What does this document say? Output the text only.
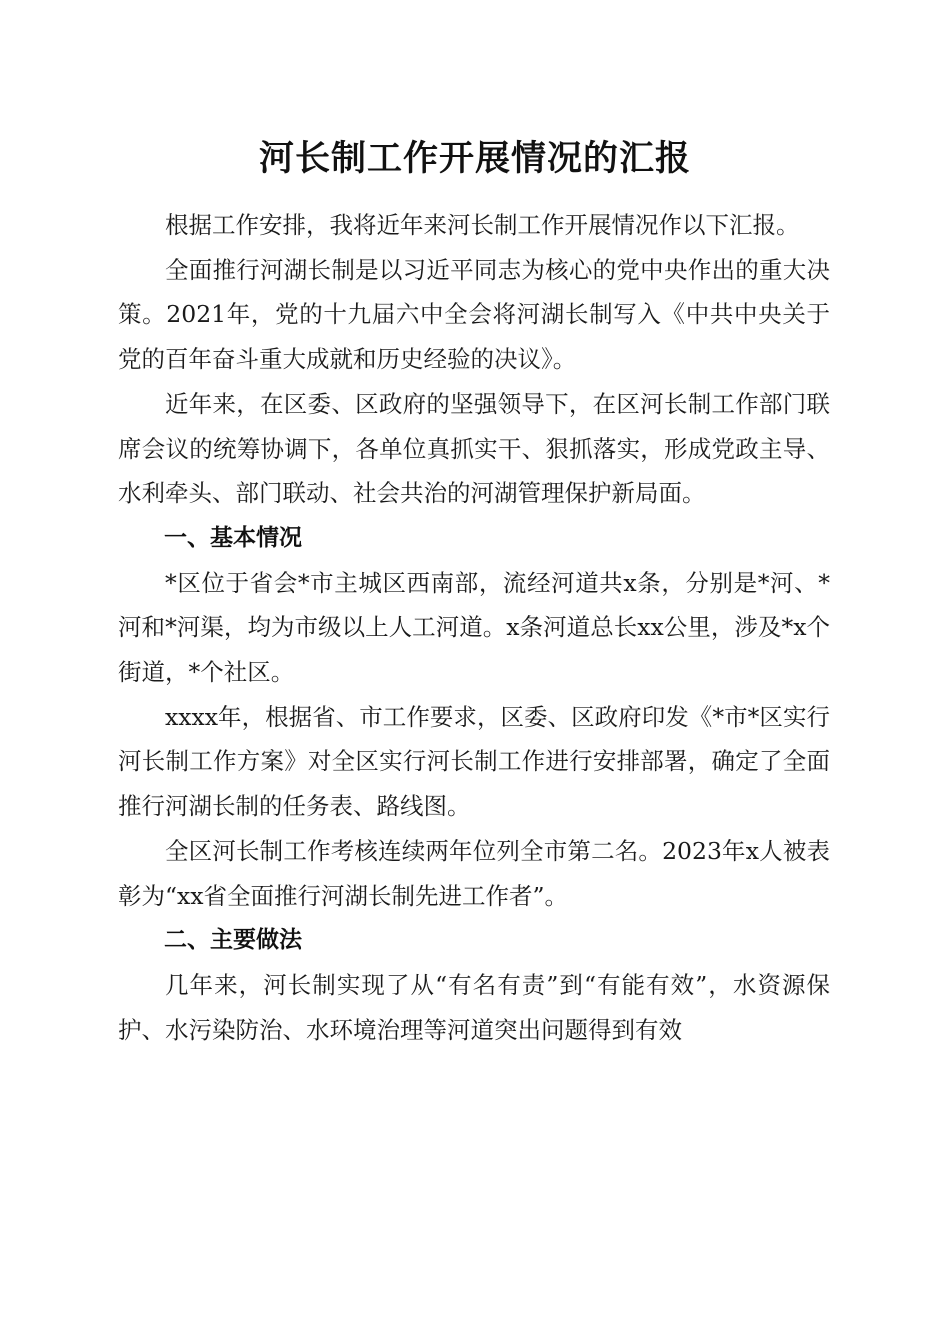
河长制工作开展情况的汇报

根据工作安排，我将近年来河长制工作开展情况作以下汇报。

全面推行河湖长制是以习近平同志为核心的党中央作出的重大决策。2021年，党的十九届六中全会将河湖长制写入《中共中央关于党的百年奋斗重大成就和历史经验的决议》。

近年来，在区委、区政府的坚强领导下，在区河长制工作部门联席会议的统筹协调下，各单位真抓实干、狠抓落实，形成党政主导、水利牵头、部门联动、社会共治的河湖管理保护新局面。

一、基本情况

*区位于省会*市主城区西南部，流经河道共x条，分别是*河、*河和*河渠，均为市级以上人工河道。x条河道总长xx公里，涉及*x个街道，*个社区。

xxxx年，根据省、市工作要求，区委、区政府印发《*市*区实行河长制工作方案》对全区实行河长制工作进行安排部署，确定了全面推行河湖长制的任务表、路线图。

全区河长制工作考核连续两年位列全市第二名。2023年x人被表彰为“xx省全面推行河湖长制先进工作者”。

二、主要做法

几年来，河长制实现了从“有名有责”到“有能有效”，水资源保护、水污染防治、水环境治理等河道突出问题得到有效
